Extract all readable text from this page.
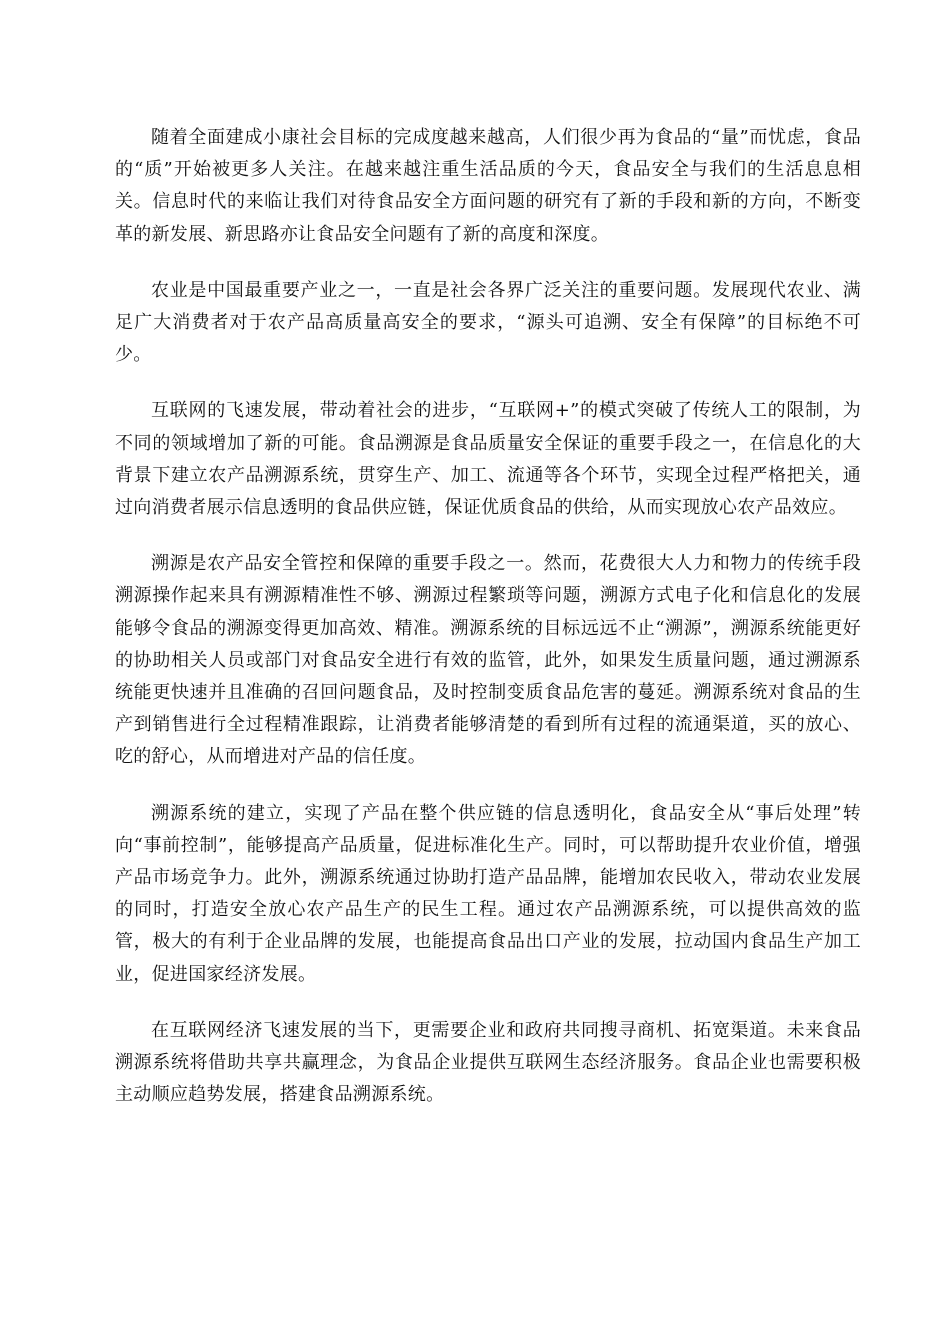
随着全面建成小康社会目标的完成度越来越高，人们很少再为食品的“量”而忧虑，食品的“质”开始被更多人关注。在越来越注重生活品质的今天，食品安全与我们的生活息息相关。信息时代的来临让我们对待食品安全方面问题的研究有了新的手段和新的方向，不断变革的新发展、新思路亦让食品安全问题有了新的高度和深度。

农业是中国最重要产业之一，一直是社会各界广泛关注的重要问题。发展现代农业、满足广大消费者对于农产品高质量高安全的要求，“源头可追溯、安全有保障”的目标绝不可少。

互联网的飞速发展，带动着社会的进步，“互联网+”的模式突破了传统人工的限制，为不同的领域增加了新的可能。食品溯源是食品质量安全保证的重要手段之一，在信息化的大背景下建立农产品溯源系统，贯穿生产、加工、流通等各个环节，实现全过程严格把关，通过向消费者展示信息透明的食品供应链，保证优质食品的供给，从而实现放心农产品效应。

溯源是农产品安全管控和保障的重要手段之一。然而，花费很大人力和物力的传统手段溯源操作起来具有溯源精准性不够、溯源过程繁琐等问题，溯源方式电子化和信息化的发展能够令食品的溯源变得更加高效、精准。溯源系统的目标远远不止“溯源”，溯源系统能更好的协助相关人员或部门对食品安全进行有效的监管，此外，如果发生质量问题，通过溯源系统能更快速并且准确的召回问题食品，及时控制变质食品危害的蔓延。溯源系统对食品的生产到销售进行全过程精准跟踪，让消费者能够清楚的看到所有过程的流通渠道，买的放心、吃的舒心，从而增进对产品的信任度。

溯源系统的建立，实现了产品在整个供应链的信息透明化，食品安全从“事后处理”转向“事前控制”，能够提高产品质量，促进标准化生产。同时，可以帮助提升农业价值，增强产品市场竞争力。此外，溯源系统通过协助打造产品品牌，能增加农民收入，带动农业发展的同时，打造安全放心农产品生产的民生工程。通过农产品溯源系统，可以提供高效的监管，极大的有利于企业品牌的发展，也能提高食品出口产业的发展，拉动国内食品生产加工业，促进国家经济发展。

在互联网经济飞速发展的当下，更需要企业和政府共同搜寻商机、拓宽渠道。未来食品溯源系统将借助共享共赢理念，为食品企业提供互联网生态经济服务。食品企业也需要积极主动顺应趋势发展，搭建食品溯源系统。
